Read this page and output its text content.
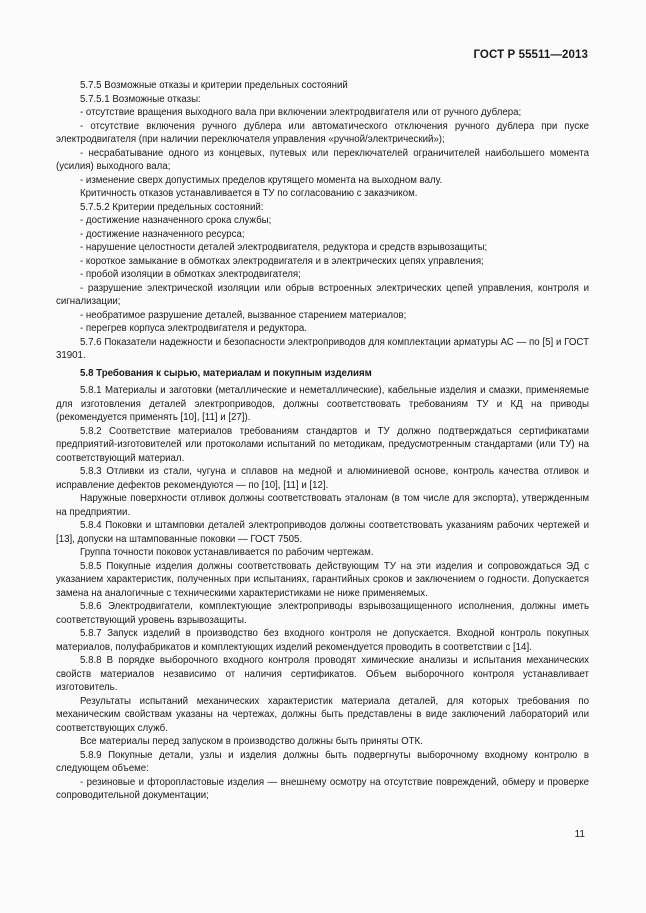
ГОСТ Р 55511—2013

5.7.5 Возможные отказы и критерии предельных состояний

5.7.5.1 Возможные отказы:

- отсутствие вращения выходного вала при включении электродвигателя или от ручного дублера;

- отсутствие включения ручного дублера или автоматического отключения ручного дублера при пуске электродвигателя (при наличии переключателя управления «ручной/электрический»);

- несрабатывание одного из концевых, путевых или переключателей ограничителей наибольшего момента (усилия) выходного вала;

- изменение сверх допустимых пределов крутящего момента на выходном валу.

Критичность отказов устанавливается в ТУ по согласованию с заказчиком.

5.7.5.2 Критерии предельных состояний:

- достижение назначенного срока службы;

- достижение назначенного ресурса;

- нарушение целостности деталей электродвигателя, редуктора и средств взрывозащиты;

- короткое замыкание в обмотках электродвигателя и в электрических цепях управления;

- пробой изоляции в обмотках электродвигателя;

- разрушение электрической изоляции или обрыв встроенных электрических цепей управления, контроля и сигнализации;

- необратимое разрушение деталей, вызванное старением материалов;

- перегрев корпуса электродвигателя и редуктора.

5.7.6 Показатели надежности и безопасности электроприводов для комплектации арматуры АС — по [5] и ГОСТ 31901.

5.8 Требования к сырью, материалам и покупным изделиям

5.8.1 Материалы и заготовки (металлические и неметаллические), кабельные изделия и смазки, применяемые для изготовления деталей электроприводов, должны соответствовать требованиям ТУ и КД на приводы (рекомендуется применять [10], [11] и [27]).

5.8.2 Соответствие материалов требованиям стандартов и ТУ должно подтверждаться сертификатами предприятий-изготовителей или протоколами испытаний по методикам, предусмотренным стандартами (или ТУ) на соответствующий материал.

5.8.3 Отливки из стали, чугуна и сплавов на медной и алюминиевой основе, контроль качества отливок и исправление дефектов рекомендуются — по [10], [11] и [12].

Наружные поверхности отливок должны соответствовать эталонам (в том числе для экспорта), утвержденным на предприятии.

5.8.4 Поковки и штамповки деталей электроприводов должны соответствовать указаниям рабочих чертежей и [13], допуски на штампованные поковки — ГОСТ 7505.

Группа точности поковок устанавливается по рабочим чертежам.

5.8.5 Покупные изделия должны соответствовать действующим ТУ на эти изделия и сопровождаться ЭД с указанием характеристик, полученных при испытаниях, гарантийных сроков и заключением о годности. Допускается замена на аналогичные с техническими характеристиками не ниже применяемых.

5.8.6 Электродвигатели, комплектующие электроприводы взрывозащищенного исполнения, должны иметь соответствующий уровень взрывозащиты.

5.8.7 Запуск изделий в производство без входного контроля не допускается. Входной контроль покупных материалов, полуфабрикатов и комплектующих изделий рекомендуется проводить в соответствии с [14].

5.8.8 В порядке выборочного входного контроля проводят химические анализы и испытания механических свойств материалов независимо от наличия сертификатов. Объем выборочного контроля устанавливает изготовитель.

Результаты испытаний механических характеристик материала деталей, для которых требования по механическим свойствам указаны на чертежах, должны быть представлены в виде заключений лабораторий или соответствующих служб.

Все материалы перед запуском в производство должны быть приняты ОТК.

5.8.9 Покупные детали, узлы и изделия должны быть подвергнуты выборочному входному контролю в следующем объеме:

- резиновые и фторопластовые изделия — внешнему осмотру на отсутствие повреждений, обмеру и проверке сопроводительной документации;

11
